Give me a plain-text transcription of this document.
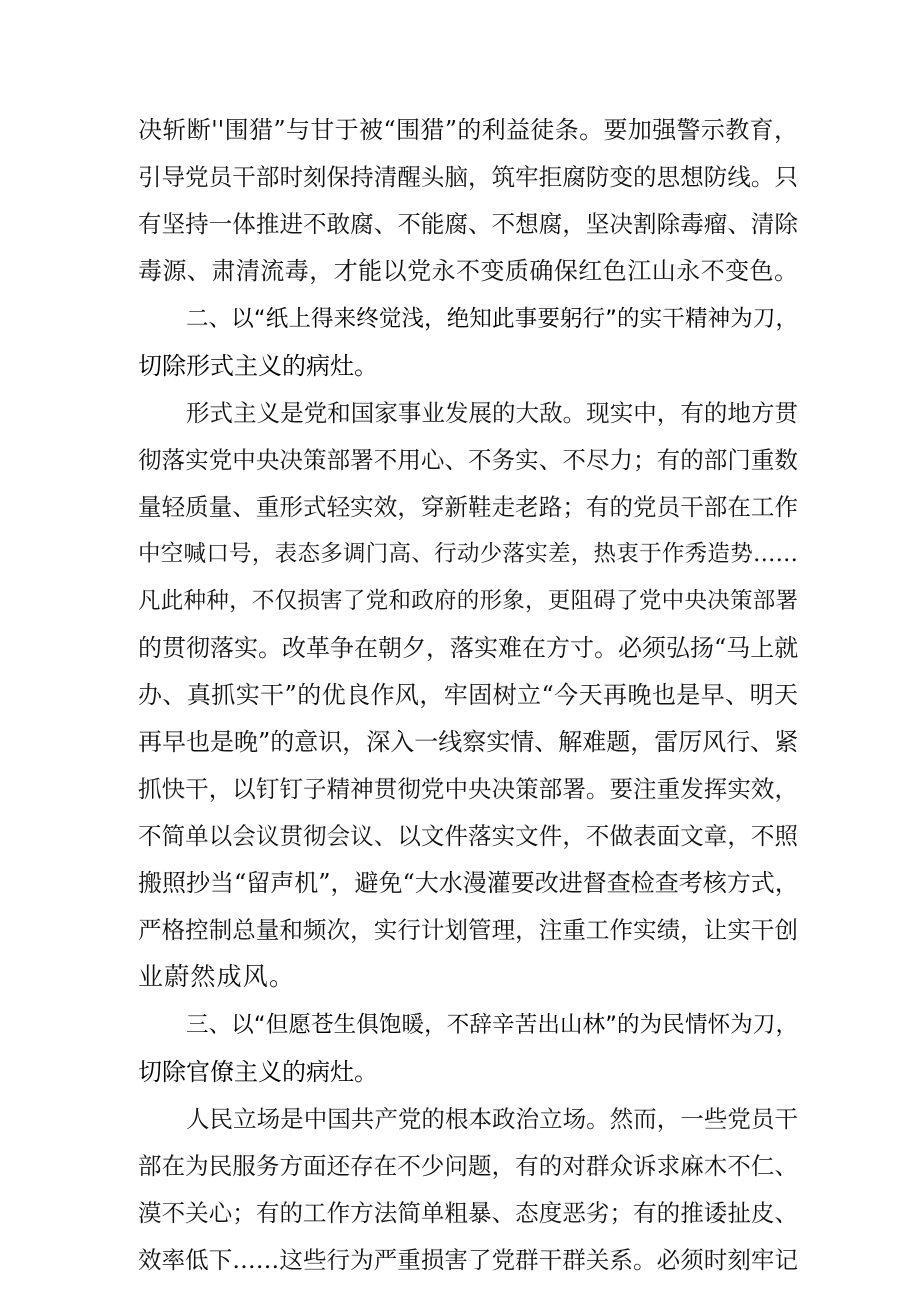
决斩断''围猎”与甘于被“围猎”的利益徒条。要加强警示教育，
引导党员干部时刻保持清醒头脑，筑牢拒腐防变的思想防线。只
有坚持一体推进不敢腐、不能腐、不想腐，坚决割除毒瘤、清除
毒源、肃清流毒，才能以党永不变质确保红色江山永不变色。
二、以“纸上得来终觉浅，绝知此事要躬行”的实干精神为刀，
切除形式主义的病灶。
形式主义是党和国家事业发展的大敌。现实中，有的地方贯
彻落实党中央决策部署不用心、不务实、不尽力；有的部门重数
量轻质量、重形式轻实效，穿新鞋走老路；有的党员干部在工作
中空喊口号，表态多调门高、行动少落实差，热衷于作秀造势……
凡此种种，不仅损害了党和政府的形象，更阻碍了党中央决策部署
的贯彻落实。改革争在朝夕，落实难在方寸。必须弘扬“马上就
办、真抓实干”的优良作风，牢固树立“今天再晚也是早、明天
再早也是晚”的意识，深入一线察实情、解难题，雷厉风行、紧
抓快干，以钉钉子精神贯彻党中央决策部署。要注重发挥实效，
不简单以会议贯彻会议、以文件落实文件，不做表面文章，不照
搬照抄当“留声机”，避免“大水漫灌要改进督查检查考核方式，
严格控制总量和频次，实行计划管理，注重工作实绩，让实干创
业蔚然成风。
三、以“但愿苍生俱饱暖，不辞辛苦出山林”的为民情怀为刀，
切除官僚主义的病灶。
人民立场是中国共产党的根本政治立场。然而，一些党员干
部在为民服务方面还存在不少问题，有的对群众诉求麻木不仁、
漠不关心；有的工作方法简单粗暴、态度恶劣；有的推诿扯皮、
效率低下……这些行为严重损害了党群干群关系。必须时刻牢记
